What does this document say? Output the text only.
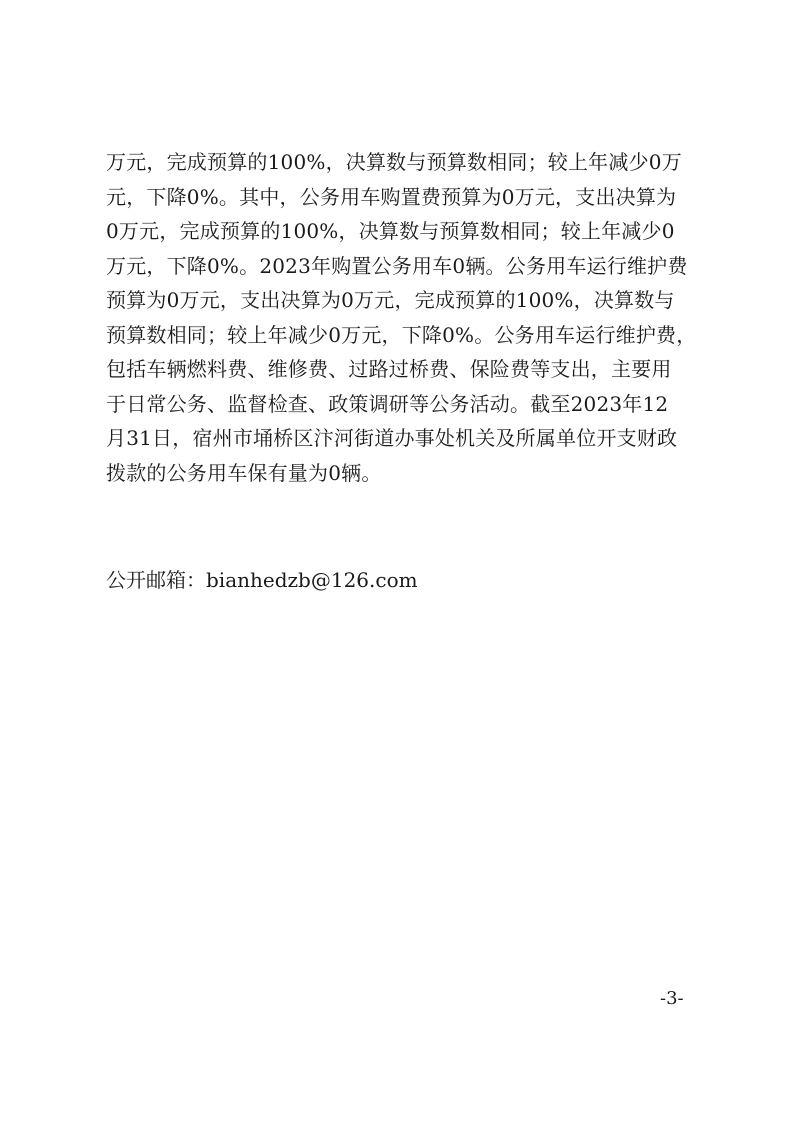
万元，完成预算的100%，决算数与预算数相同；较上年减少0万
元，下降0%。其中，公务用车购置费预算为0万元，支出决算为
0万元，完成预算的100%，决算数与预算数相同；较上年减少0
万元，下降0%。2023年购置公务用车0辆。公务用车运行维护费
预算为0万元，支出决算为0万元，完成预算的100%，决算数与
预算数相同；较上年减少0万元，下降0%。公务用车运行维护费，
包括车辆燃料费、维修费、过路过桥费、保险费等支出，主要用
于日常公务、监督检查、政策调研等公务活动。截至2023年12
月31日，宿州市埇桥区汴河街道办事处机关及所属单位开支财政
拨款的公务用车保有量为0辆。
公开邮箱：bianhedzb@126.com
-3-
